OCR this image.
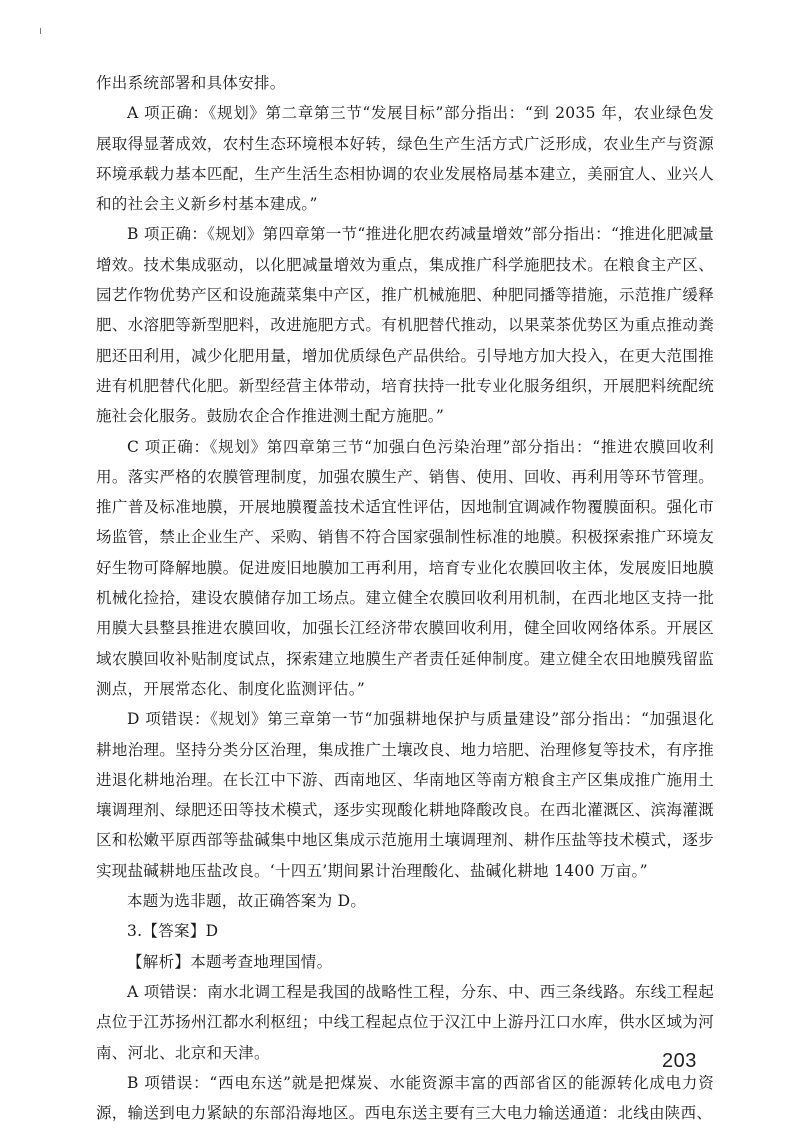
作出系统部署和具体安排。

A 项正确：《规划》第二章第三节“发展目标”部分指出：“到 2035 年，农业绿色发展取得显著成效，农村生态环境根本好转，绿色生产生活方式广泛形成，农业生产与资源环境承载力基本匹配，生产生活生态相协调的农业发展格局基本建立，美丽宜人、业兴人和的社会主义新乡村基本建成。”

B 项正确：《规划》第四章第一节“推进化肥农药减量增效”部分指出：“推进化肥减量增效。技术集成驱动，以化肥减量增效为重点，集成推广科学施肥技术。在粮食主产区、园艺作物优势产区和设施蔬菜集中产区，推广机械施肥、种肥同播等措施，示范推广缓释肥、水溶肥等新型肥料，改进施肥方式。有机肥替代推动，以果菜茶优势区为重点推动粪肥还田利用，减少化肥用量，增加优质绿色产品供给。引导地方加大投入，在更大范围推进有机肥替代化肥。新型经营主体带动，培育扶持一批专业化服务组织，开展肥料统配统施社会化服务。鼓励农企合作推进测土配方施肥。”

C 项正确：《规划》第四章第三节“加强白色污染治理”部分指出：“推进农膜回收利用。落实严格的农膜管理制度，加强农膜生产、销售、使用、回收、再利用等环节管理。推广普及标准地膜，开展地膜覆盖技术适宜性评估，因地制宜调减作物覆膜面积。强化市场监管，禁止企业生产、采购、销售不符合国家强制性标准的地膜。积极探索推广环境友好生物可降解地膜。促进废旧地膜加工再利用，培育专业化农膜回收主体，发展废旧地膜机械化捡拾，建设农膜储存加工场点。建立健全农膜回收利用机制，在西北地区支持一批用膜大县整县推进农膜回收，加强长江经济带农膜回收利用，健全回收网络体系。开展区域农膜回收补贴制度试点，探索建立地膜生产者责任延伸制度。建立健全农田地膜残留监测点，开展常态化、制度化监测评估。”

D 项错误：《规划》第三章第一节“加强耕地保护与质量建设”部分指出：“加强退化耕地治理。坚持分类分区治理，集成推广土壤改良、地力培肥、治理修复等技术，有序推进退化耕地治理。在长江中下游、西南地区、华南地区等南方粮食主产区集成推广施用土壤调理剂、绿肥还田等技术模式，逐步实现酸化耕地降酸改良。在西北灌溉区、滨海灌溉区和松嫩平原西部等盐碱集中地区集成示范施用土壤调理剂、耕作压盐等技术模式，逐步实现盐碱耕地压盐改良。‘十四五’期间累计治理酸化、盐碱化耕地 1400 万亩。”

本题为选非题，故正确答案为 D。

3.【答案】D

【解析】本题考查地理国情。

A 项错误：南水北调工程是我国的战略性工程，分东、中、西三条线路。东线工程起点位于江苏扬州江都水利枢纽；中线工程起点位于汉江中上游丹江口水库，供水区域为河南、河北、北京和天津。

B 项错误：“西电东送”就是把煤炭、水能资源丰富的西部省区的能源转化成电力资源，输送到电力紧缺的东部沿海地区。西电东送主要有三大电力输送通道：北线由陕西、

203
